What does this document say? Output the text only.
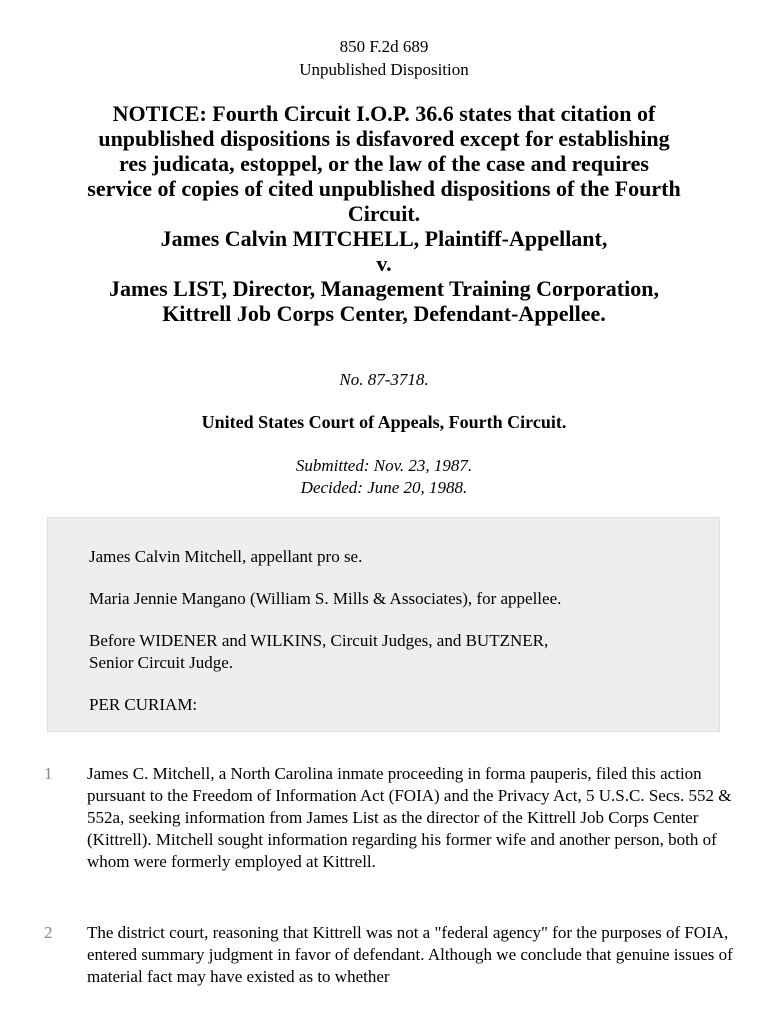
850 F.2d 689
Unpublished Disposition
NOTICE: Fourth Circuit I.O.P. 36.6 states that citation of
unpublished dispositions is disfavored except for establishing
res judicata, estoppel, or the law of the case and requires
service of copies of cited unpublished dispositions of the Fourth
Circuit.
James Calvin MITCHELL, Plaintiff-Appellant,
v.
James LIST, Director, Management Training Corporation,
Kittrell Job Corps Center, Defendant-Appellee.
No. 87-3718.
United States Court of Appeals, Fourth Circuit.
Submitted: Nov. 23, 1987.
Decided: June 20, 1988.

James Calvin Mitchell, appellant pro se.

Maria Jennie Mangano (William S. Mills & Associates), for appellee.

Before WIDENER and WILKINS, Circuit Judges, and BUTZNER,

Senior Circuit Judge.

PER CURIAM:

1 James C. Mitchell, a North Carolina inmate proceeding in forma pauperis, filed this action pursuant to the Freedom of Information Act (FOIA) and the Privacy Act, 5 U.S.C. Secs. 552 & 552a, seeking information from James List as the director of the Kittrell Job Corps Center (Kittrell). Mitchell sought information regarding his former wife and another person, both of whom were formerly employed at Kittrell.

2 The district court, reasoning that Kittrell was not a "federal agency" for the purposes of FOIA, entered summary judgment in favor of defendant. Although we conclude that genuine issues of material fact may have existed as to whether
